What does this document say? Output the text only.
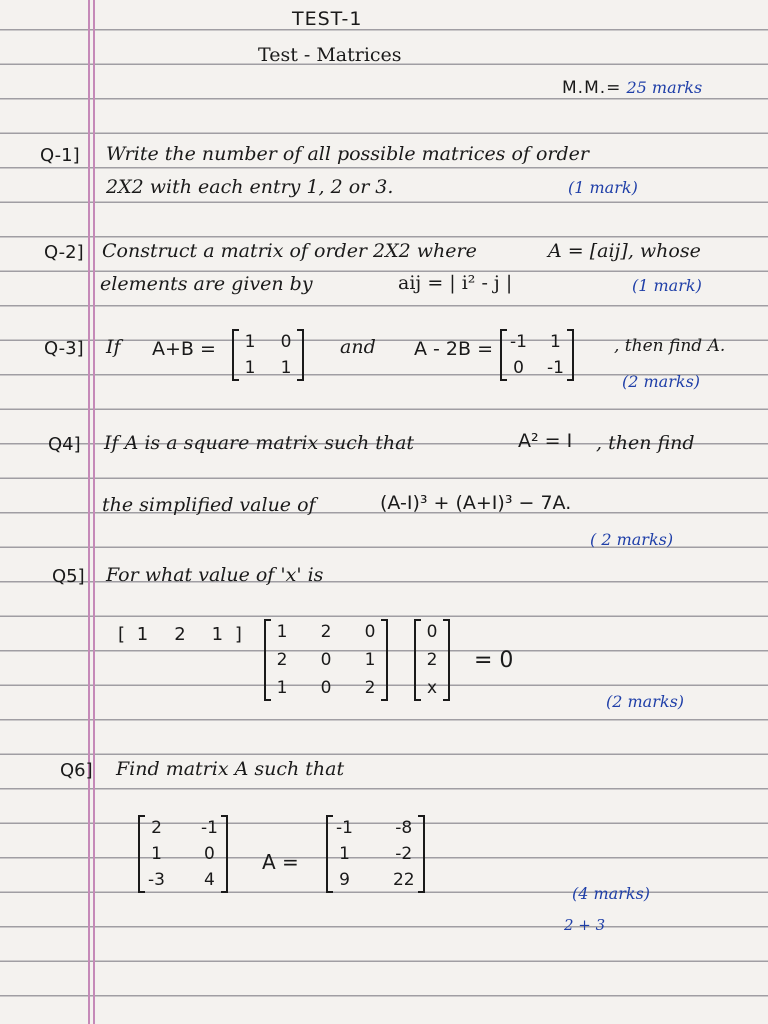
TEST-1
Test - Matrices
M.M.= 25 marks
Q-1] Write the number of all possible matrices of order
2X2 with each entry 1, 2 or 3.	(1 mark)
Q-2] Construct a matrix of order 2X2 where	A = [aij], whose
elements are given by	aij = | i² - j |	(1 mark)
Q-3] If A+B = 1 0
1 1
and A - 2B = -1 1
0 -1
, then find A.
(2 marks)
Q4] If A is a square matrix such that	A² = I , then find
the simplified value of	(A-I)³ + (A+I)³ − 7A.
( 2 marks)
Q5] For what value of 'x' is
[ 1 2 1 ] 1 2 0
2 0 1
1 0 2
0
2
x
= 0
(2 marks)
Q6] Find matrix A such that
2 -1
1 0
-3 4
A =
-1 -8
1	-2
9	22
(4 marks)
2 + 3
